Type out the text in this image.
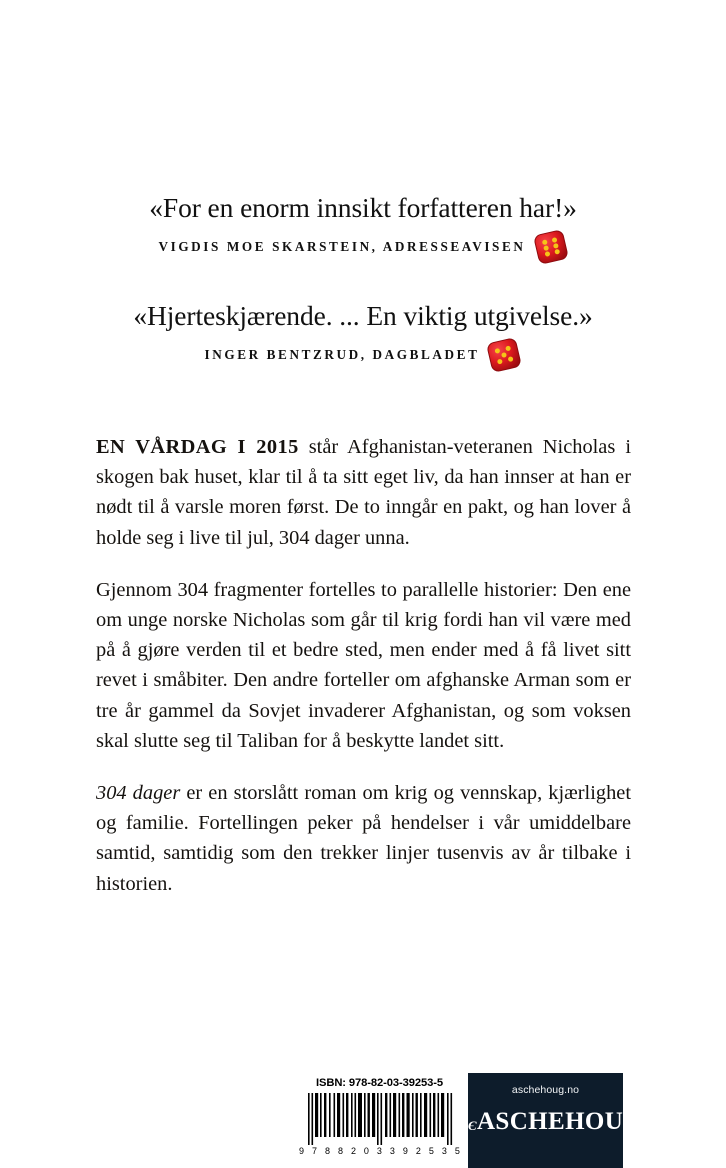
«For en enorm innsikt forfatteren har!»
VIGDIS MOE SKARSTEIN, ADRESSEAVISEN
«Hjerteskjærende. ... En viktig utgivelse.»
INGER BENTZRUD, DAGBLADET

EN VÅRDAG I 2015 står Afghanistan-veteranen Nicholas i skogen bak huset, klar til å ta sitt eget liv, da han innser at han er nødt til å varsle moren først. De to inngår en pakt, og han lover å holde seg i live til jul, 304 dager unna.

Gjennom 304 fragmenter fortelles to parallelle historier: Den ene om unge norske Nicholas som går til krig fordi han vil være med på å gjøre verden til et bedre sted, men ender med å få livet sitt revet i småbiter. Den andre forteller om afghanske Arman som er tre år gammel da Sovjet invaderer Afghanistan, og som voksen skal slutte seg til Taliban for å beskytte landet sitt.

304 dager er en storslått roman om krig og vennskap, kjærlighet og familie. Fortellingen peker på hendelser i vår umiddelbare samtid, samtidig som den trekker linjer tusenvis av år tilbake i historien.

ISBN: 978-82-03-39253-5
9 7 8 8 2 0 3 3 9 2 5 3 5
aschehoug.no
єASCHEHOUGɔ
